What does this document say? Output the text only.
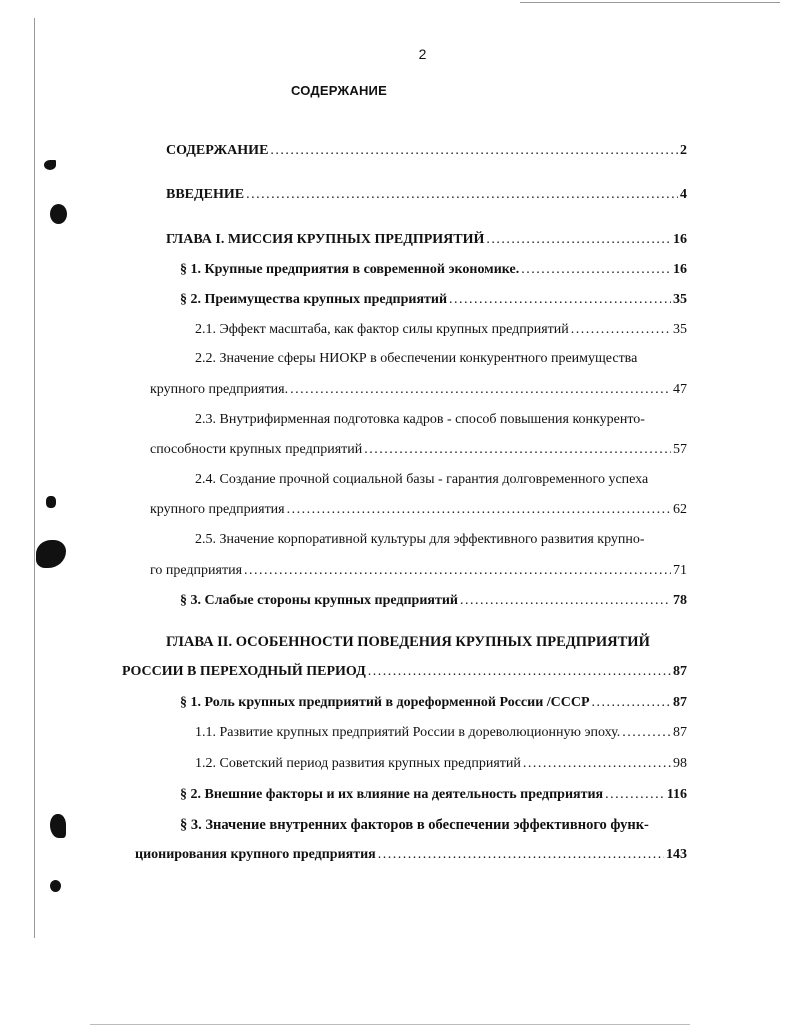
2
СОДЕРЖАНИЕ
СОДЕРЖАНИЕ .....	2
ВВЕДЕНИЕ .....	4
ГЛАВА I. МИССИЯ КРУПНЫХ ПРЕДПРИЯТИЙ .....	16
§ 1. Крупные предприятия в современной экономике. .....	16
§ 2. Преимущества крупных предприятий .....	35
2.1. Эффект масштаба, как фактор силы крупных предприятий .....	35
2.2. Значение сферы НИОКР в обеспечении конкурентного преимущества
крупного предприятия. .....	47
2.3. Внутрифирменная подготовка кадров - способ повышения конкуренто-
способности крупных предприятий .....	57
2.4. Создание прочной социальной базы - гарантия долговременного успеха
крупного предприятия .....	62
2.5. Значение корпоративной культуры для эффективного развития крупно-
го предприятия .....	71
§ 3. Слабые стороны крупных предприятий .....	78
ГЛАВА II. ОСОБЕННОСТИ ПОВЕДЕНИЯ КРУПНЫХ ПРЕДПРИЯТИЙ
РОССИИ В ПЕРЕХОДНЫЙ ПЕРИОД .....	87
§ 1. Роль крупных предприятий в дореформенной России /СССР .....	87
1.1. Развитие крупных предприятий России в дореволюционную эпоху. .....	87
1.2. Советский период развития крупных предприятий .....	98
§ 2. Внешние факторы и их влияние на деятельность предприятия .....	116
§ 3. Значение внутренних факторов в обеспечении эффективного функ-
ционирования крупного предприятия .....	143
